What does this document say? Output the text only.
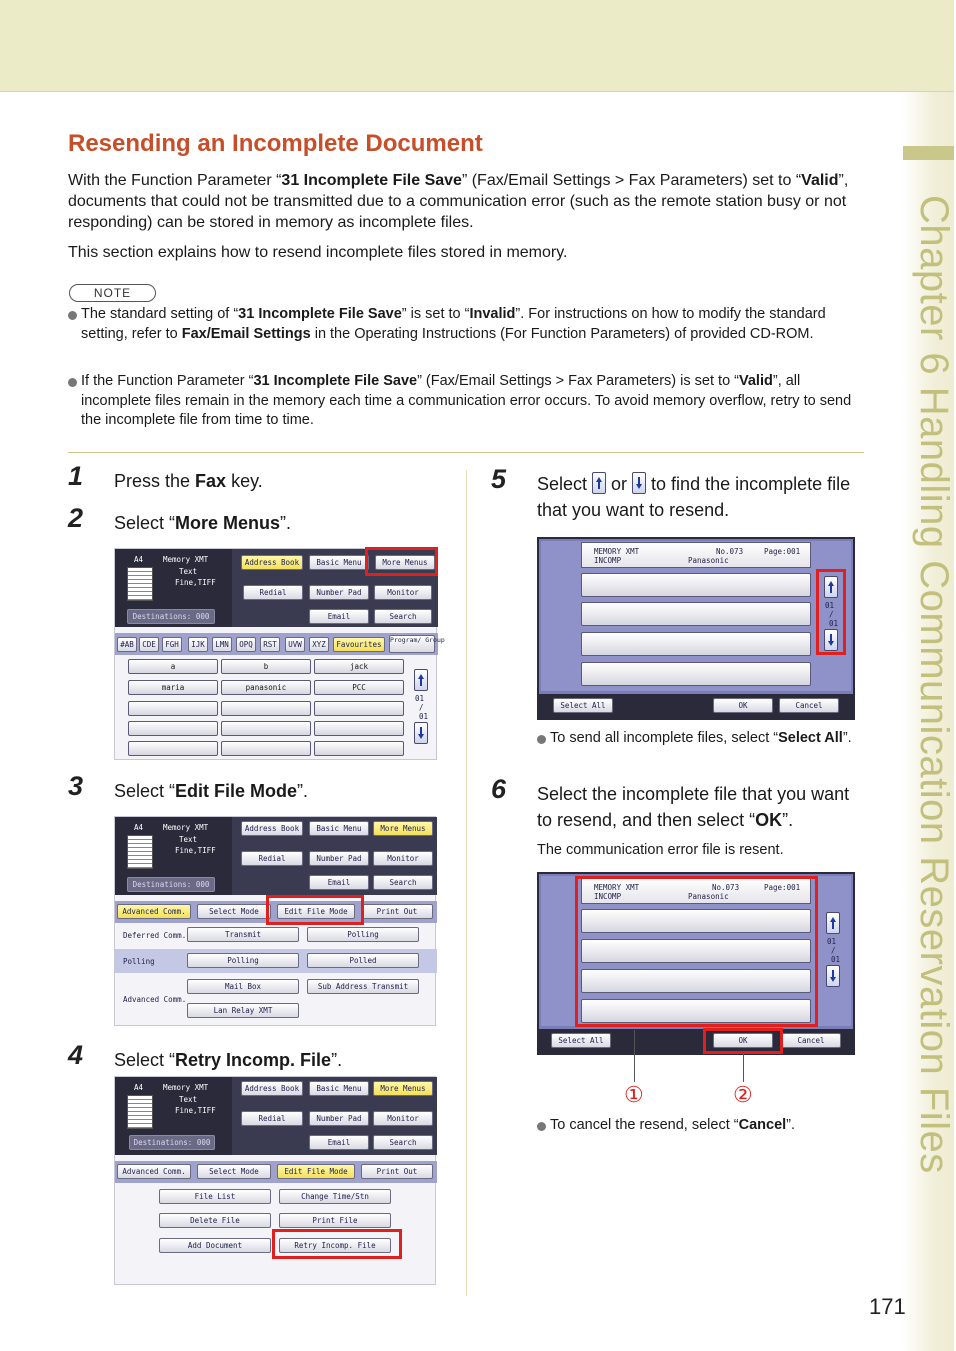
Chapter 6 Handling Communication Reservation Files
Resending an Incomplete Document
With the Function Parameter “31 Incomplete File Save” (Fax/Email Settings > Fax Parameters) set to “Valid”, documents that could not be transmitted due to a communication error (such as the remote station busy or not responding) can be stored in memory as incomplete files.
This section explains how to resend incomplete files stored in memory.
NOTE
The standard setting of “31 Incomplete File Save” is set to “Invalid”. For instructions on how to modify the standard setting, refer to Fax/Email Settings in the Operating Instructions (For Function Parameters) of provided CD-ROM.
If the Function Parameter “31 Incomplete File Save” (Fax/Email Settings > Fax Parameters) is set to “Valid”, all incomplete files remain in the memory each time a communication error occurs. To avoid memory overflow, retry to send the incomplete file from time to time.
1 Press the Fax key.
2 Select “More Menus”.
A4	Memory XMT
Text
Fine,TIFF
Destinations: 000
Address Book	Basic Menu	More Menus
Redial	Number Pad	Monitor
Email	Search
#AB	CDE	FGH	IJK	LMN	OPQ	RST	UVW	XYZ	Favourites	Program/ Group
a	b	jack
maria	panasonic	PCC
01
/
01
3 Select “Edit File Mode”.
A4	Memory XMT
Text
Fine,TIFF
Destinations: 000
Address Book	Basic Menu	More Menus
Redial	Number Pad	Monitor
Email	Search
Advanced Comm.	Select Mode	Edit File Mode	Print Out
Deferred Comm.	Transmit	Polling
Polling	Polling	Polled
Advanced Comm.
Mail Box	Sub Address Transmit
Lan Relay XMT
4 Select “Retry Incomp. File”.
A4	Memory XMT
Text
Fine,TIFF
Destinations: 000
Address Book	Basic Menu	More Menus
Redial	Number Pad	Monitor
Email	Search
Advanced Comm.	Select Mode	Edit File Mode	Print Out
File List	Change Time/Stn
Delete File	Print File
Add Document	Retry Incomp. File
5 Select
or
to find the incomplete file that you want to resend.
MEMORY XMT
INCOMP
No.073
Panasonic
Page:001
01
/
01
Select All	OK	Cancel
To send all incomplete files, select “Select All”.
6 Select the incomplete file that you want to resend, and then select “OK”.
The communication error file is resent.
MEMORY XMT
INCOMP
No.073
Panasonic
Page:001
01
/
01
Select All	OK	Cancel
①	②
To cancel the resend, select “Cancel”.
171
